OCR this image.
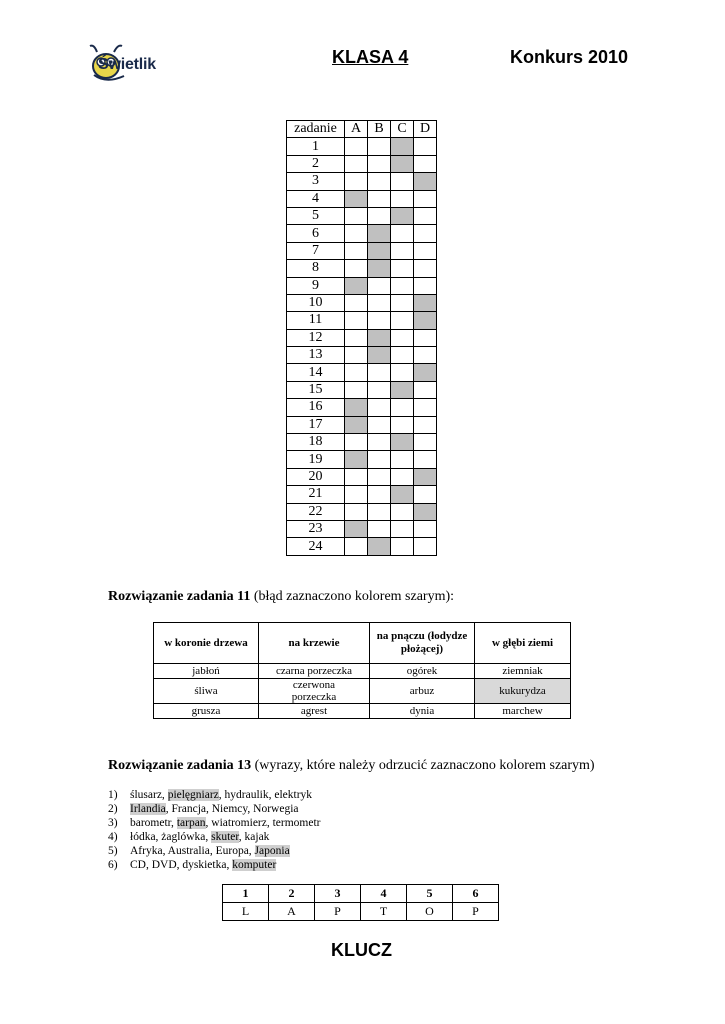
Świetlik	KLASA 4	Konkurs 2010
zadanie	A	B	C	D
1				
2				
3				
4				
5				
6				
7				
8				
9				
10				
11				
12				
13				
14				
15				
16				
17				
18				
19				
20				
21				
22				
23				
24				
Rozwiązanie zadania 11 (błąd zaznaczono kolorem szarym):
w koronie drzewa	na krzewie	na pnączu (łodydze płożącej)	w głębi ziemi
jabłoń	czarna porzeczka	ogórek	ziemniak
śliwa	czerwona porzeczka	arbuz	kukurydza
grusza	agrest	dynia	marchew
Rozwiązanie zadania 13 (wyrazy, które należy odrzucić zaznaczono kolorem szarym)
1)	ślusarz, pielęgniarz, hydraulik, elektryk
2)	Irlandia, Francja, Niemcy, Norwegia
3)	barometr, tarpan, wiatromierz, termometr
4)	łódka, żaglówka, skuter, kajak
5)	Afryka, Australia, Europa, Japonia
6)	CD, DVD, dyskietka, komputer
1	2	3	4	5	6
L	A	P	T	O	P
KLUCZ
